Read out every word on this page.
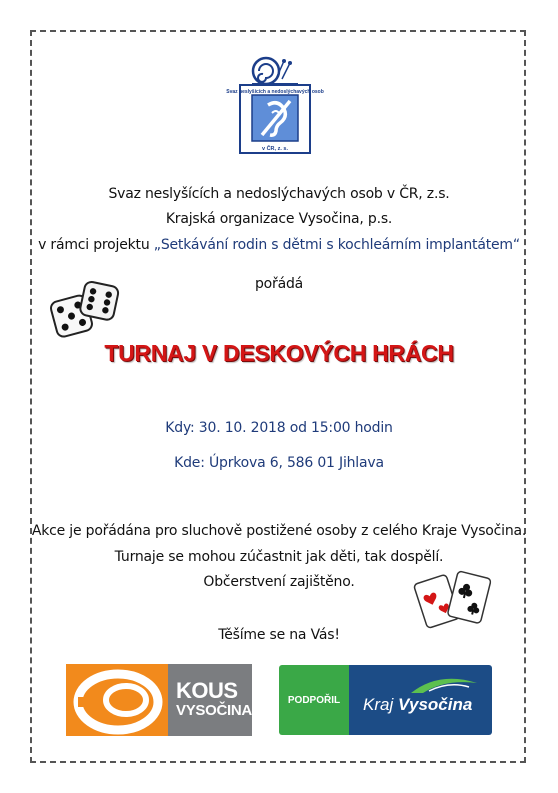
Svaz neslyšících a nedoslýchavých osob
v ČR, z. s.
Svaz neslyšících a nedoslýchavých osob v ČR, z.s.
Krajská organizace Vysočina, p.s.
v rámci projektu „Setkávání rodin s dětmi s kochleárním implantátem“
pořádá
TURNAJ V DESKOVÝCH HRÁCH
Kdy: 30. 10. 2018 od 15:00 hodin
Kde: Úprkova 6, 586 01 Jihlava
Akce je pořádána pro sluchově postižené osoby z celého Kraje Vysočina.
Turnaje se mohou zúčastnit jak děti, tak dospělí.
Občerstvení zajištěno.
Těšíme se na Vás!
KOUS
VYSOČINA
PODPOŘIL	Kraj Vysočina
